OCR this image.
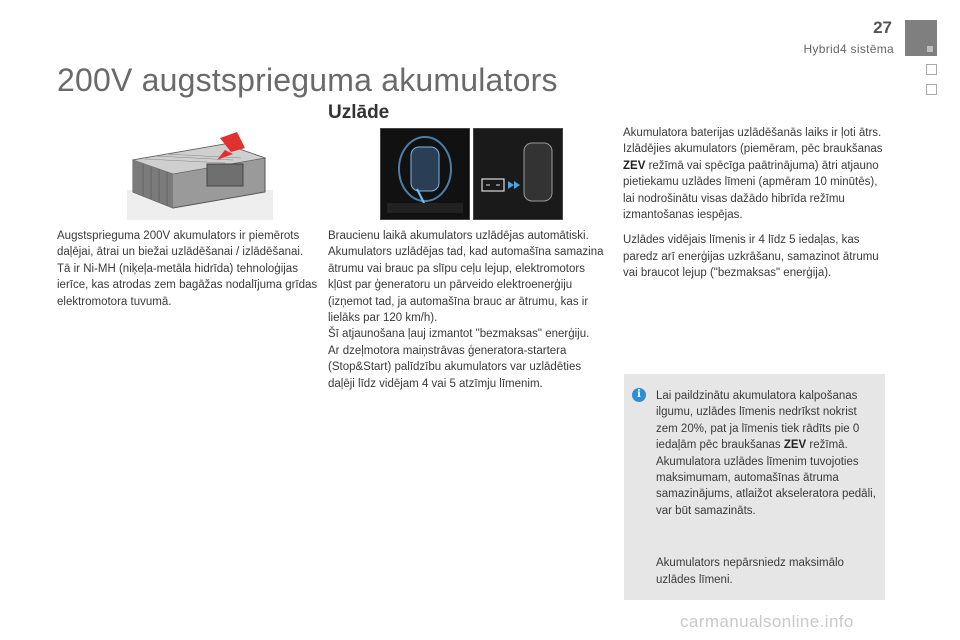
27
Hybrid4 sistēma
200V augstsprieguma akumulators
Uzlāde

Augstsprieguma 200V akumulators ir piemērots daļējai, ātrai un biežai uzlādēšanai / izlādēšanai.

Tā ir Ni-MH (niķeļa-metāla hidrīda) tehnoloģijas ierīce, kas atrodas zem bagāžas nodalījuma grīdas elektromotora tuvumā.

Braucienu laikā akumulators uzlādējas automātiski.

Akumulators uzlādējas tad, kad automašīna samazina ātrumu vai brauc pa slīpu ceļu lejup, elektromotors kļūst par ģeneratoru un pārveido elektroenerģiju (izņemot tad, ja automašīna brauc ar ātrumu, kas ir lielāks par 120 km/h).

Šī atjaunošana ļauj izmantot "bezmaksas" enerģiju.

Ar dzeļmotora maiņstrāvas ģeneratora-startera (Stop&Start) palīdzību akumulators var uzlādēties daļēji līdz vidējam 4 vai 5 atzīmju līmenim.

Akumulatora baterijas uzlādēšanās laiks ir ļoti ātrs.

Izlādējies akumulators (piemēram, pēc braukšanas ZEV režīmā vai spēcīga paātrinājuma) ātri atjauno pietiekamu uzlādes līmeni (apmēram 10 minūtēs), lai nodrošinātu visas dažādo hibrīda režīmu izmantošanas iespējas.

Uzlādes vidējais līmenis ir 4 līdz 5 iedaļas, kas paredz arī enerģijas uzkrāšanu, samazinot ātrumu vai braucot lejup ("bezmaksas" enerģija).

i	Lai paildzinātu akumulatora kalpošanas ilgumu, uzlādes līmenis nedrīkst nokrist zem 20%, pat ja līmenis tiek rādīts pie 0 iedaļām pēc braukšanas ZEV režīmā. Akumulatora uzlādes līmenim tuvojoties maksimumam, automašīnas ātruma samazinājums, atlaižot akseleratora pedāli, var būt samazināts.

Akumulators nepārsniedz maksimālo uzlādes līmeni.

carmanualsonline.info
